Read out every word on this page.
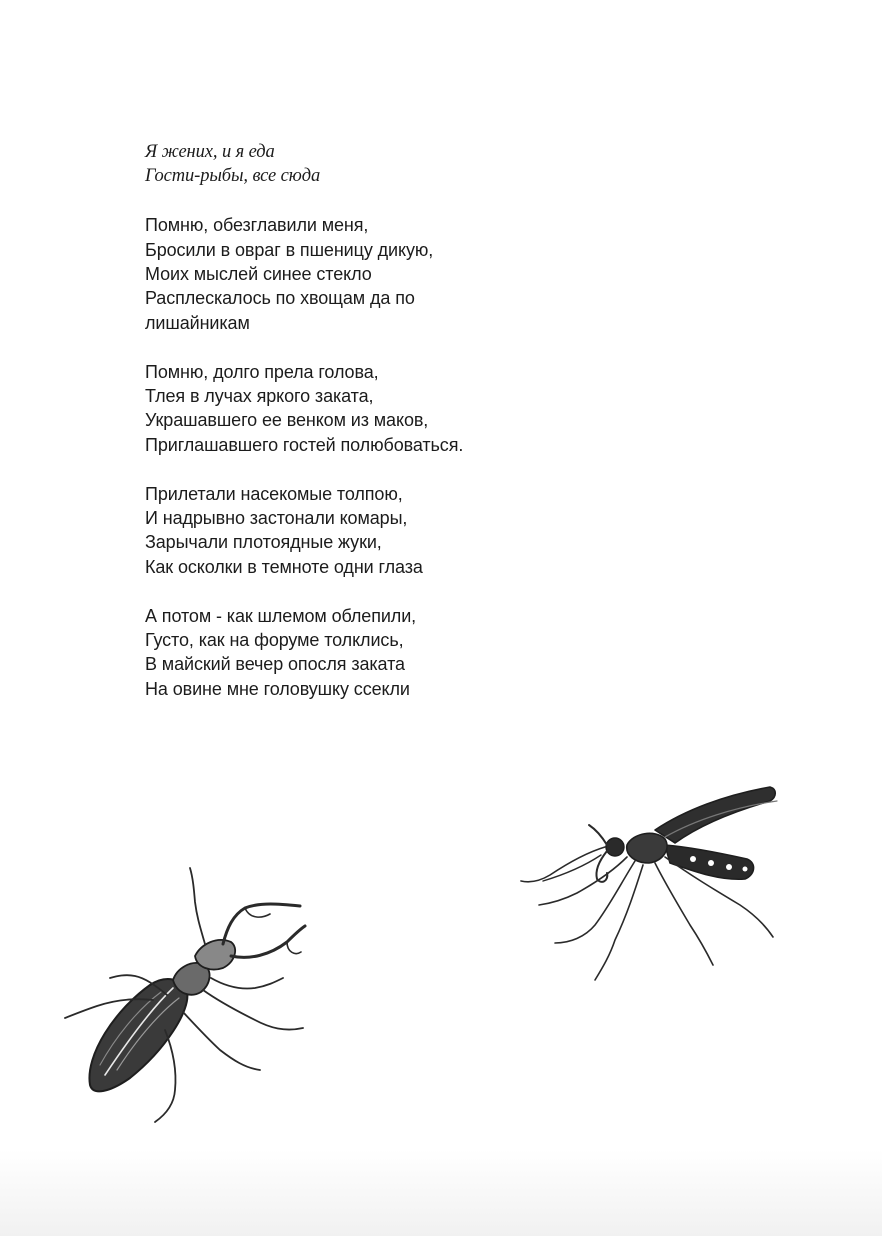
Я жених, и я еда
Гости-рыбы, все сюда
Помню, обезглавили меня,
Бросили в овраг в пшеницу дикую,
Моих мыслей синее стекло
Расплескалось по хвощам да по
лишайникам
Помню, долго прела голова,
Тлея в лучах яркого заката,
Украшавшего ее венком из маков,
Приглашавшего гостей полюбоваться.
Прилетали насекомые толпою,
И надрывно застонали комары,
Зарычали плотоядные жуки,
Как осколки в темноте одни глаза
А потом - как шлемом облепили,
Густо, как на форуме толклись,
В майский вечер опосля заката
На овине мне головушку ссекли
